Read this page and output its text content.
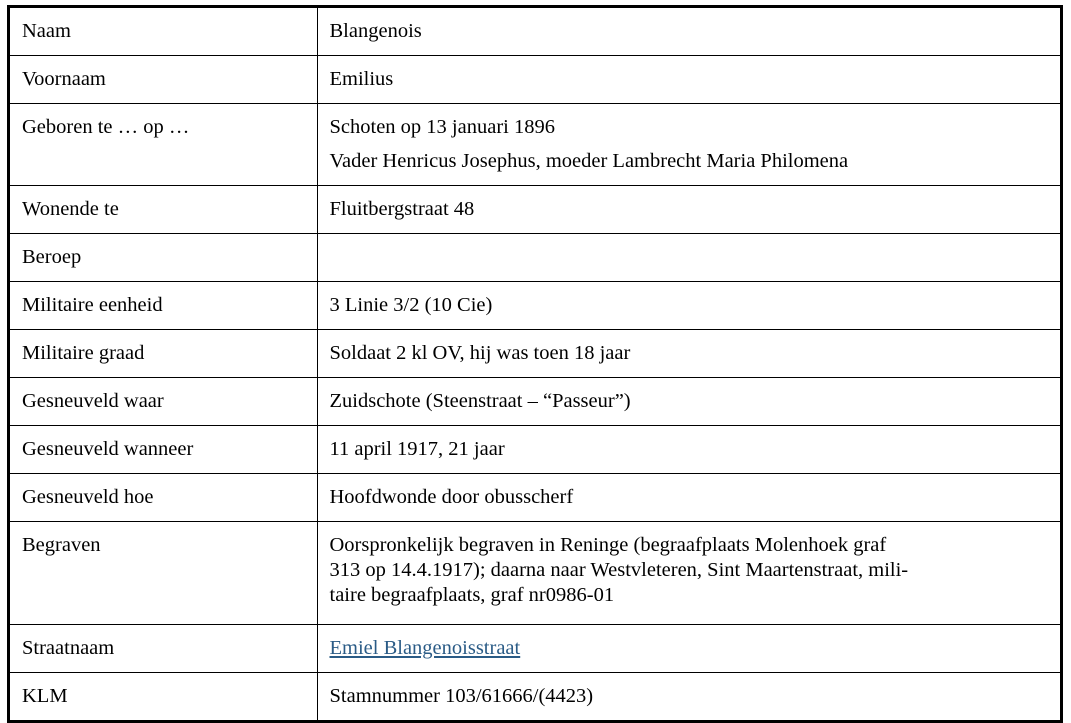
Naam	Blangenois
Voornaam	Emilius
Geboren te … op …	Schoten op 13 januari 1896

Vader Henricus Josephus, moeder Lambrecht Maria Philomena

Wonende te	Fluitbergstraat 48
Beroep	
Militaire eenheid	3 Linie 3/2 (10 Cie)
Militaire graad	Soldaat 2 kl OV, hij was toen 18 jaar
Gesneuveld waar	Zuidschote (Steenstraat – “Passeur”)
Gesneuveld wanneer	11 april 1917, 21 jaar
Gesneuveld hoe	Hoofdwonde door obusscherf
Begraven	Oorspronkelijk begraven in Reninge (begraafplaats Molenhoek graf
313 op 14.4.1917); daarna naar Westvleteren, Sint Maartenstraat, mili-
taire begraafplaats, graf nr0986-01

Straatnaam	Emiel Blangenoisstraat
KLM	Stamnummer 103/61666/(4423)
